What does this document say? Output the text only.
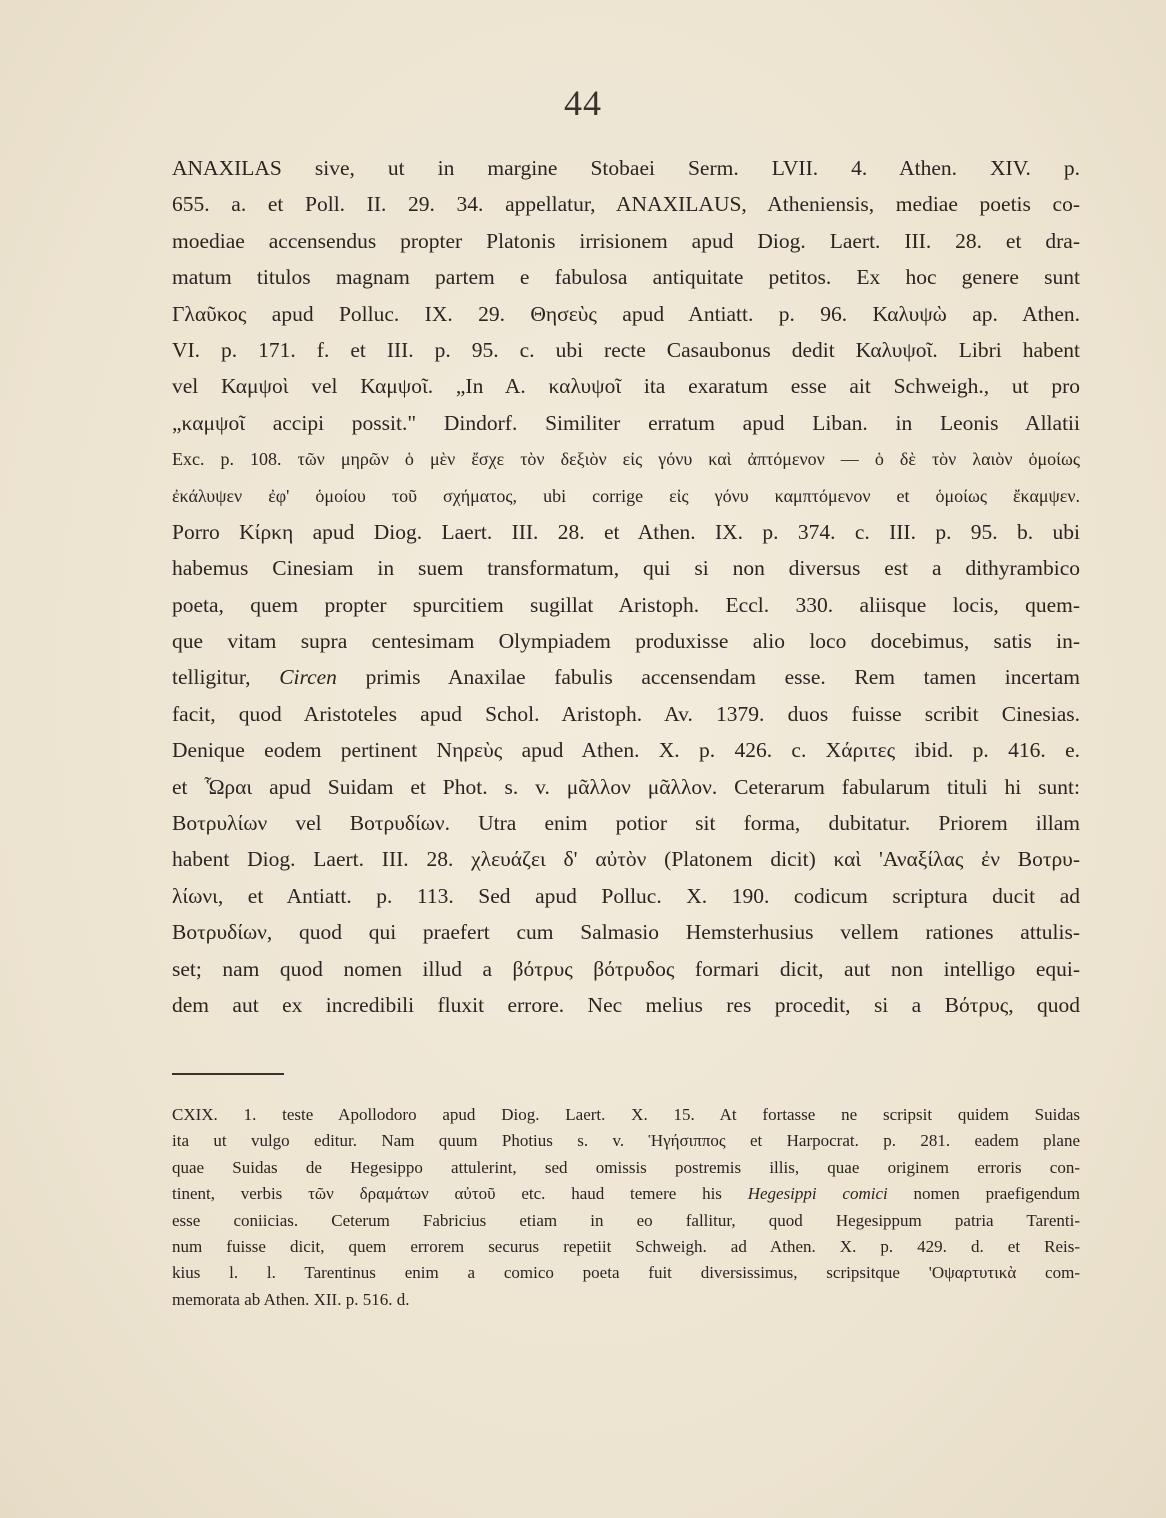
44
ANAXILAS sive, ut in margine Stobaei Serm. LVII. 4. Athen. XIV. p.
655. a. et Poll. II. 29. 34. appellatur, ANAXILAUS, Atheniensis, mediae poetis co-
moediae accensendus propter Platonis irrisionem apud Diog. Laert. III. 28. et dra-
matum titulos magnam partem e fabulosa antiquitate petitos. Ex hoc genere sunt
Γλαῦκος apud Polluc. IX. 29. Θησεὺς apud Antiatt. p. 96. Καλυψὼ ap. Athen.
VI. p. 171. f. et III. p. 95. c. ubi recte Casaubonus dedit Καλυψοῖ. Libri habent
vel Καμψοὶ vel Καμψοῖ. „In A. καλυψοῖ ita exaratum esse ait Schweigh., ut pro
„καμψοῖ accipi possit." Dindorf. Similiter erratum apud Liban. in Leonis Allatii
Exc. p. 108. τῶν μηρῶν ὁ μὲν ἔσχε τὸν δεξιὸν εἰς γόνυ καὶ ἀπτόμενον — ὁ δὲ τὸν λαιὸν ὁμοίως
ἐκάλυψεν ἐφ' ὁμοίου τοῦ σχήματος, ubi corrige εἰς γόνυ καμπτόμενον et ὁμοίως ἔκαμψεν.
Porro Κίρκη apud Diog. Laert. III. 28. et Athen. IX. p. 374. c. III. p. 95. b. ubi
habemus Cinesiam in suem transformatum, qui si non diversus est a dithyrambico
poeta, quem propter spurcitiem sugillat Aristoph. Eccl. 330. aliisque locis, quem-
que vitam supra centesimam Olympiadem produxisse alio loco docebimus, satis in-
telligitur, Circen primis Anaxilae fabulis accensendam esse. Rem tamen incertam
facit, quod Aristoteles apud Schol. Aristoph. Av. 1379. duos fuisse scribit Cinesias.
Denique eodem pertinent Νηρεὺς apud Athen. X. p. 426. c. Χάριτες ibid. p. 416. e.
et Ὧραι apud Suidam et Phot. s. v. μᾶλλον μᾶλλον. Ceterarum fabularum tituli hi sunt:
Βοτρυλίων vel Βοτρυδίων. Utra enim potior sit forma, dubitatur. Priorem illam
habent Diog. Laert. III. 28. χλευάζει δ' αὐτὸν (Platonem dicit) καὶ 'Αναξίλας ἐν Βοτρυ-
λίωνι, et Antiatt. p. 113. Sed apud Polluc. X. 190. codicum scriptura ducit ad
Βοτρυδίων, quod qui praefert cum Salmasio Hemsterhusius vellem rationes attulis-
set; nam quod nomen illud a βότρυς βότρυδος formari dicit, aut non intelligo equi-
dem aut ex incredibili fluxit errore. Nec melius res procedit, si a Βότρυς, quod
CXIX. 1. teste Apollodoro apud Diog. Laert. X. 15. At fortasse ne scripsit quidem Suidas
ita ut vulgo editur. Nam quum Photius s. v. Ἡγήσιππος et Harpocrat. p. 281. eadem plane
quae Suidas de Hegesippo attulerint, sed omissis postremis illis, quae originem erroris con-
tinent, verbis τῶν δραμάτων αὐτοῦ etc. haud temere his Hegesippi comici nomen praefigendum
esse coniicias. Ceterum Fabricius etiam in eo fallitur, quod Hegesippum patria Tarenti-
num fuisse dicit, quem errorem securus repetiit Schweigh. ad Athen. X. p. 429. d. et Reis-
kius l. l. Tarentinus enim a comico poeta fuit diversissimus, scripsitque 'Οψαρτυτικὰ com-
memorata ab Athen. XII. p. 516. d.
